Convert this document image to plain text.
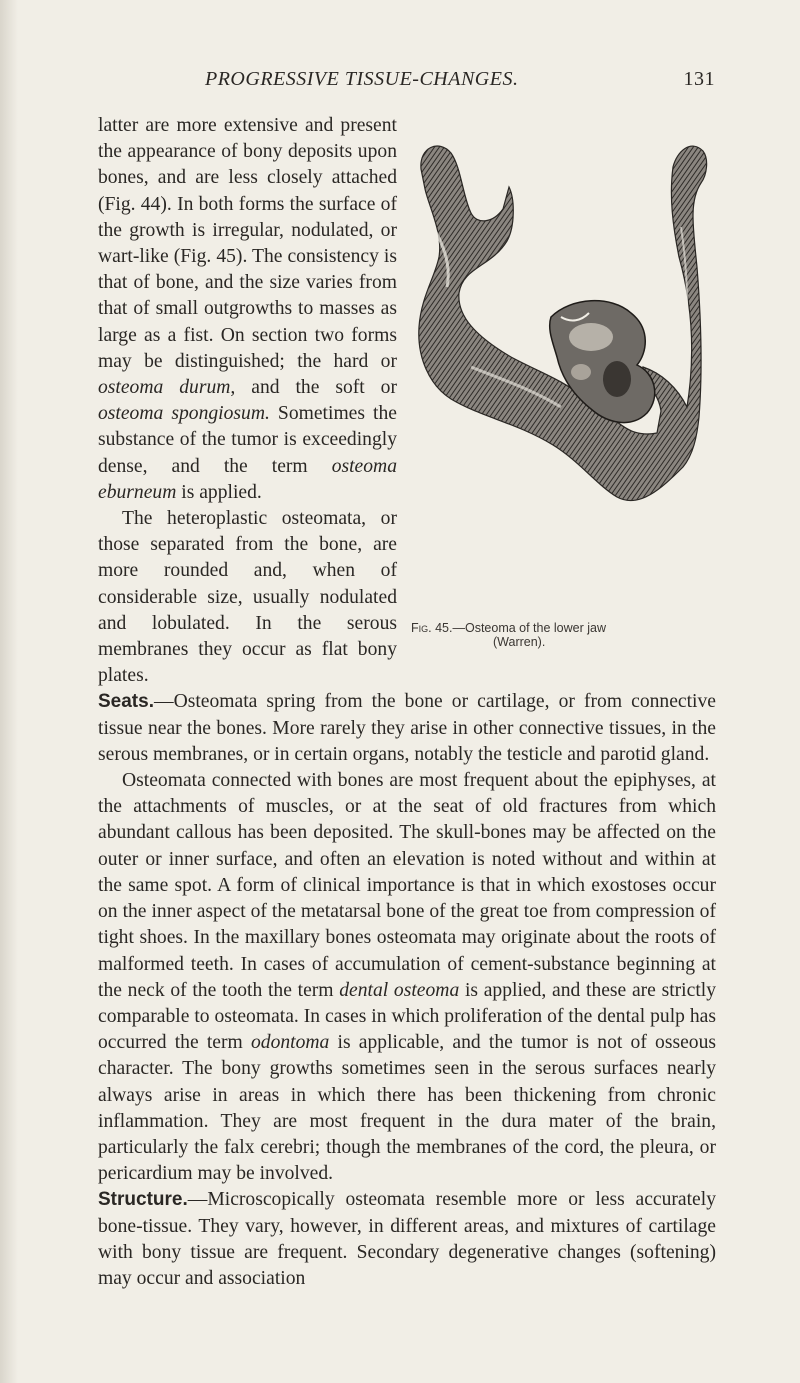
PROGRESSIVE TISSUE-CHANGES.	131
Fig. 45.—Osteoma of the lower jaw
(Warren).

latter are more extensive and present the appearance of bony deposits upon bones, and are less closely attached (Fig. 44). In both forms the surface of the growth is irregular, nodulated, or wart-like (Fig. 45). The consistency is that of bone, and the size varies from that of small outgrowths to masses as large as a fist. On section two forms may be distinguished; the hard or osteoma durum, and the soft or osteoma spongiosum. Sometimes the substance of the tumor is exceedingly dense, and the term osteoma eburneum is applied.

The heteroplastic osteomata, or those separated from the bone, are more rounded and, when of considerable size, usually nodulated and lobulated. In the serous membranes they occur as flat bony plates.

Seats.—Osteomata spring from the bone or cartilage, or from connective tissue near the bones. More rarely they arise in other connective tissues, in the serous membranes, or in certain organs, notably the testicle and parotid gland.

Osteomata connected with bones are most frequent about the epiphyses, at the attachments of muscles, or at the seat of old fractures from which abundant callous has been deposited. The skull-bones may be affected on the outer or inner surface, and often an elevation is noted without and within at the same spot. A form of clinical importance is that in which exostoses occur on the inner aspect of the metatarsal bone of the great toe from compression of tight shoes. In the maxillary bones osteomata may originate about the roots of malformed teeth. In cases of accumulation of cement-substance beginning at the neck of the tooth the term dental osteoma is applied, and these are strictly comparable to osteomata. In cases in which proliferation of the dental pulp has occurred the term odontoma is applicable, and the tumor is not of osseous character. The bony growths sometimes seen in the serous surfaces nearly always arise in areas in which there has been thickening from chronic inflammation. They are most frequent in the dura mater of the brain, particularly the falx cerebri; though the membranes of the cord, the pleura, or pericardium may be involved.

Structure.—Microscopically osteomata resemble more or less accurately bone-tissue. They vary, however, in different areas, and mixtures of cartilage with bony tissue are frequent. Secondary degenerative changes (softening) may occur and association
